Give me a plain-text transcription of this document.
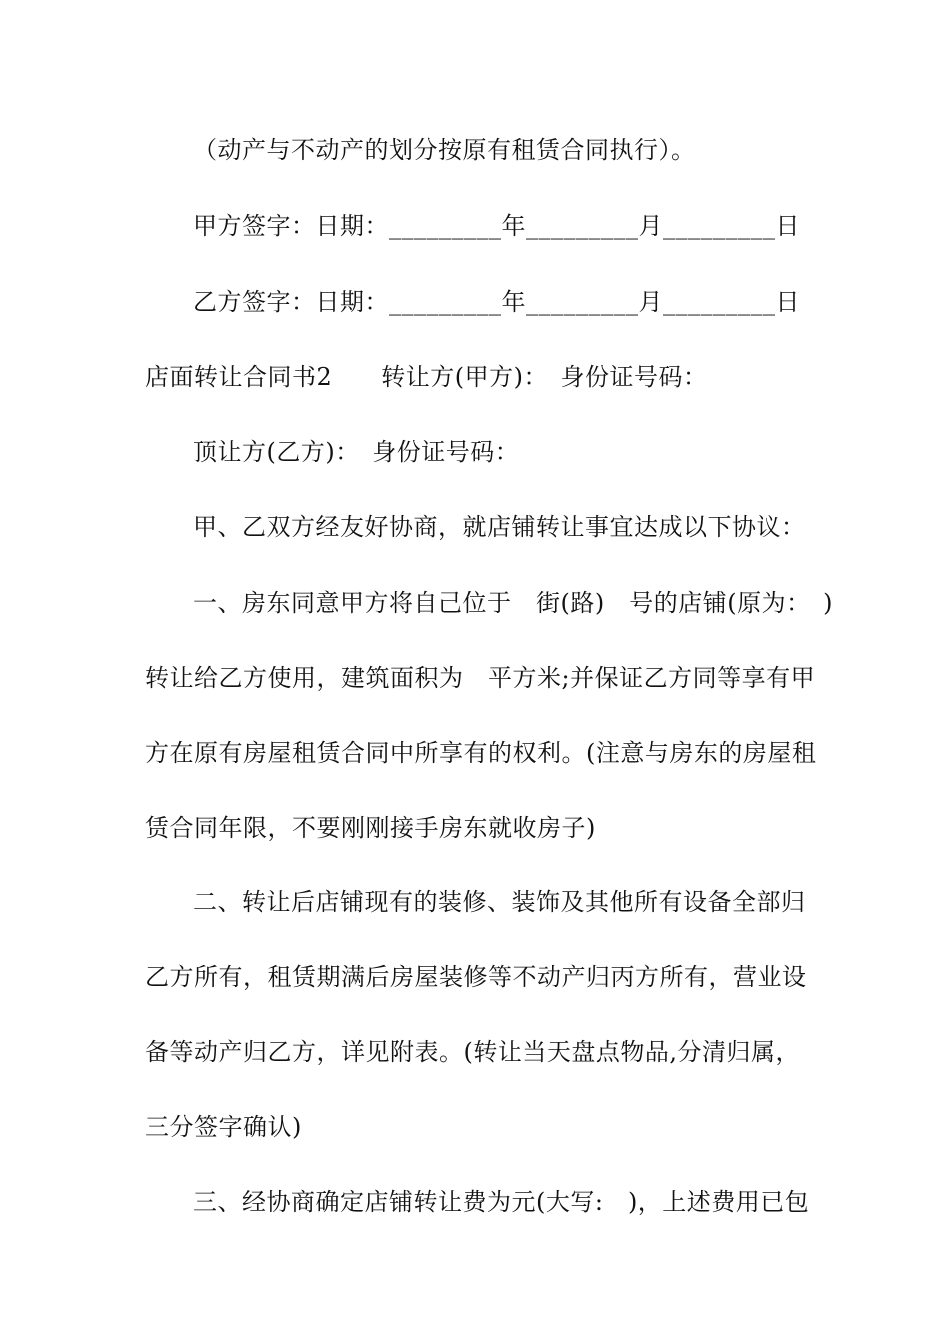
（动产与不动产的划分按原有租赁合同执行）。
甲方签字：日期：_________年_________月_________日
乙方签字：日期：_________年_________月_________日
店面转让合同书2　　转让方(甲方)：　身份证号码：
顶让方(乙方)：　身份证号码：
甲、乙双方经友好协商，就店铺转让事宜达成以下协议：
一、房东同意甲方将自己位于　街(路)　号的店铺(原为：　)
转让给乙方使用，建筑面积为　平方米;并保证乙方同等享有甲
方在原有房屋租赁合同中所享有的权利。(注意与房东的房屋租
赁合同年限，不要刚刚接手房东就收房子)
二、转让后店铺现有的装修、装饰及其他所有设备全部归
乙方所有，租赁期满后房屋装修等不动产归丙方所有，营业设
备等动产归乙方，详见附表。(转让当天盘点物品,分清归属，
三分签字确认)
三、经协商确定店铺转让费为元(大写:　)，上述费用已包
